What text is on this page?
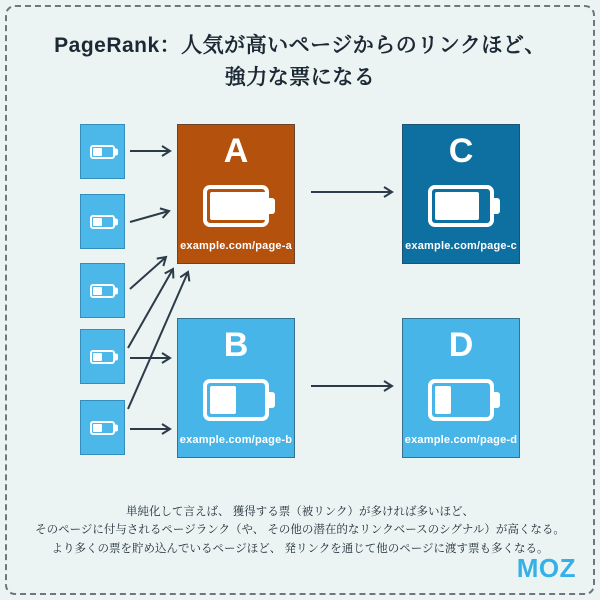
PageRank：人気が高いページからのリンクほど、
強力な票になる
A
example.com/page-a
B
example.com/page-b
C
example.com/page-c
D
example.com/page-d
単純化して言えば、 獲得する票（被リンク）が多ければ多いほど、
そのページに付与されるページランク（や、 その他の潜在的なリンクベースのシグナル）が高くなる。
より多くの票を貯め込んでいるページほど、 発リンクを通じて他のページに渡す票も多くなる。
MOZ
